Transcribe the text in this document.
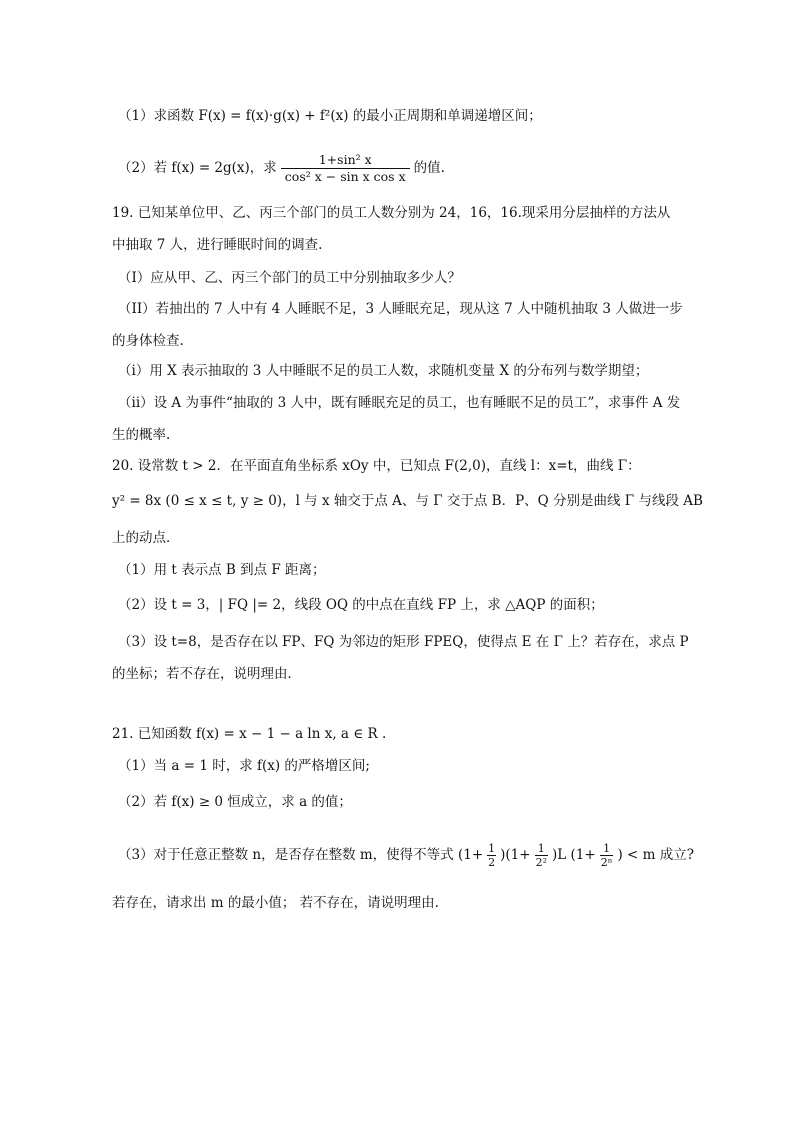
（1）求函数 F(x) = f(x)·g(x) + f²(x) 的最小正周期和单调递增区间；
（2）若 f(x) = 2g(x)，求 $\frac{\text{1+sin² x}}{\text{cos² x − sin x cos x}}$ 的值.
19. 已知某单位甲、乙、丙三个部门的员工人数分别为 24，16，16.现采用分层抽样的方法从
中抽取 7 人，进行睡眠时间的调查.
（I）应从甲、乙、丙三个部门的员工中分别抽取多少人？
（II）若抽出的 7 人中有 4 人睡眠不足，3 人睡眠充足，现从这 7 人中随机抽取 3 人做进一步
的身体检查.
（i）用 X 表示抽取的 3 人中睡眠不足的员工人数，求随机变量 X 的分布列与数学期望；
（ii）设 A 为事件“抽取的 3 人中，既有睡眠充足的员工，也有睡眠不足的员工”，求事件 A 发
生的概率.
20. 设常数 t > 2．在平面直角坐标系 xOy 中，已知点 F(2,0)，直线 l：x=t，曲线 Γ：
y² = 8x (0 ≤ x ≤ t, y ≥ 0)，l 与 x 轴交于点 A、与 Γ 交于点 B．P、Q 分别是曲线 Γ 与线段 AB
上的动点．
（1）用 t 表示点 B 到点 F 距离；
（2）设 t = 3，| FQ |= 2，线段 OQ 的中点在直线 FP 上，求 △AQP 的面积；
（3）设 t=8，是否存在以 FP、FQ 为邻边的矩形 FPEQ，使得点 E 在 Γ 上？若存在，求点 P
的坐标；若不存在，说明理由．
21. 已知函数 f(x) = x − 1 − a ln x, a ∈ R .
（1）当 a = 1 时，求 f(x) 的严格增区间;
（2）若 f(x) ≥ 0 恒成立，求 a 的值；
（3）对于任意正整数 n，是否存在整数 m，使得不等式 $(1+ \frac{1}{2} )(1+ \frac{1}{\text{2²}} )L$ ($1+ \frac{1}{\text{2ⁿ}}$ ) < m 成立?
若存在，请求出 m 的最小值； 若不存在，请说明理由.
